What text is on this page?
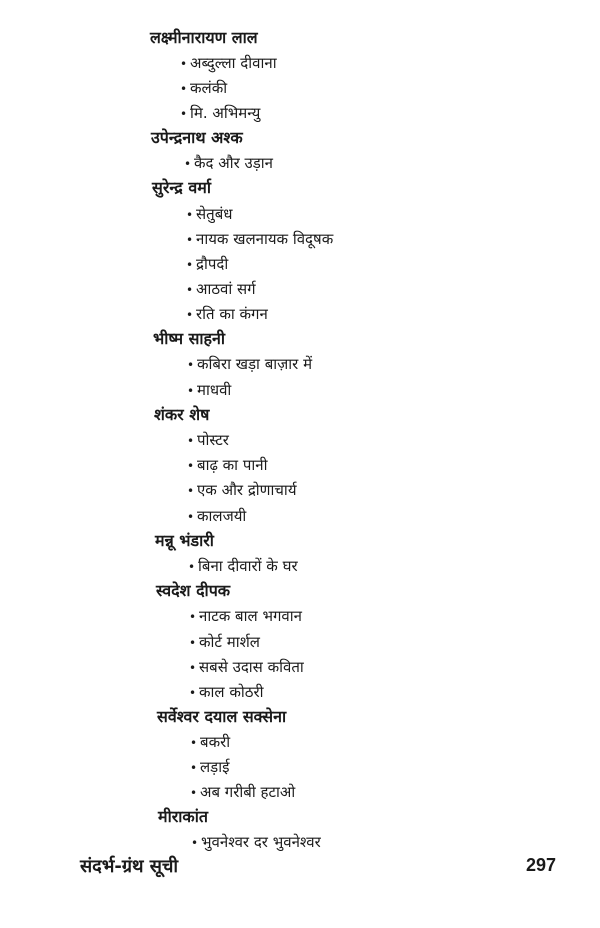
लक्ष्मीनारायण लाल
• अब्दुल्ला दीवाना
• कलंकी
• मि. अभिमन्यु
उपेन्द्रनाथ अश्क
• कैद और उड़ान
सुरेन्द्र वर्मा
• सेतुबंध
• नायक खलनायक विदूषक
• द्रौपदी
• आठवां सर्ग
• रति का कंगन
भीष्म साहनी
• कबिरा खड़ा बाज़ार में
• माधवी
शंकर शेष
• पोस्टर
• बाढ़ का पानी
• एक और द्रोणाचार्य
• कालजयी
मन्नू भंडारी
• बिना दीवारों के घर
स्वदेश दीपक
• नाटक बाल भगवान
• कोर्ट मार्शल
• सबसे उदास कविता
• काल कोठरी
सर्वेश्वर दयाल सक्सेना
• बकरी
• लड़ाई
• अब गरीबी हटाओ
मीराकांत
• भुवनेश्वर दर भुवनेश्वर
संदर्भ-ग्रंथ सूची	297
